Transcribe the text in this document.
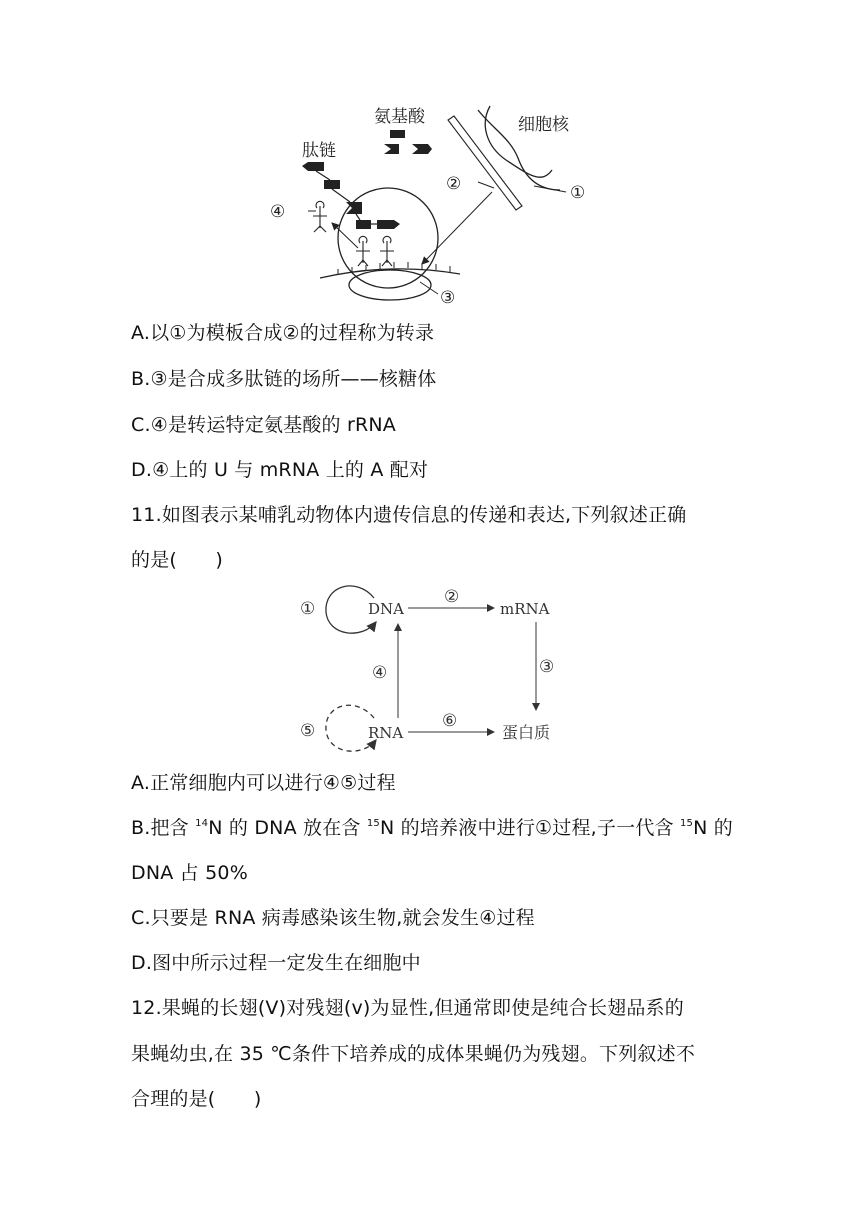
氨基酸	细胞核
肽链
①
②
③
④
A.以①为模板合成②的过程称为转录
B.③是合成多肽链的场所——核糖体
C.④是转运特定氨基酸的 rRNA
D.④上的 U 与 mRNA 上的 A 配对
11.如图表示某哺乳动物体内遗传信息的传递和表达,下列叙述正确
的是(　　)
DNA	mRNA
RNA	蛋白质
①
②
③
④
⑤	⑥
A.正常细胞内可以进行④⑤过程
B.把含 $^{14}$N 的 DNA 放在含 $^{15}$N 的培养液中进行①过程,子一代含 $^{15}$N 的
DNA 占 50%
C.只要是 RNA 病毒感染该生物,就会发生④过程
D.图中所示过程一定发生在细胞中
12.果蝇的长翅(V)对残翅(v)为显性,但通常即使是纯合长翅品系的
果蝇幼虫,在 35 ℃条件下培养成的成体果蝇仍为残翅。下列叙述不
合理的是(　　)
